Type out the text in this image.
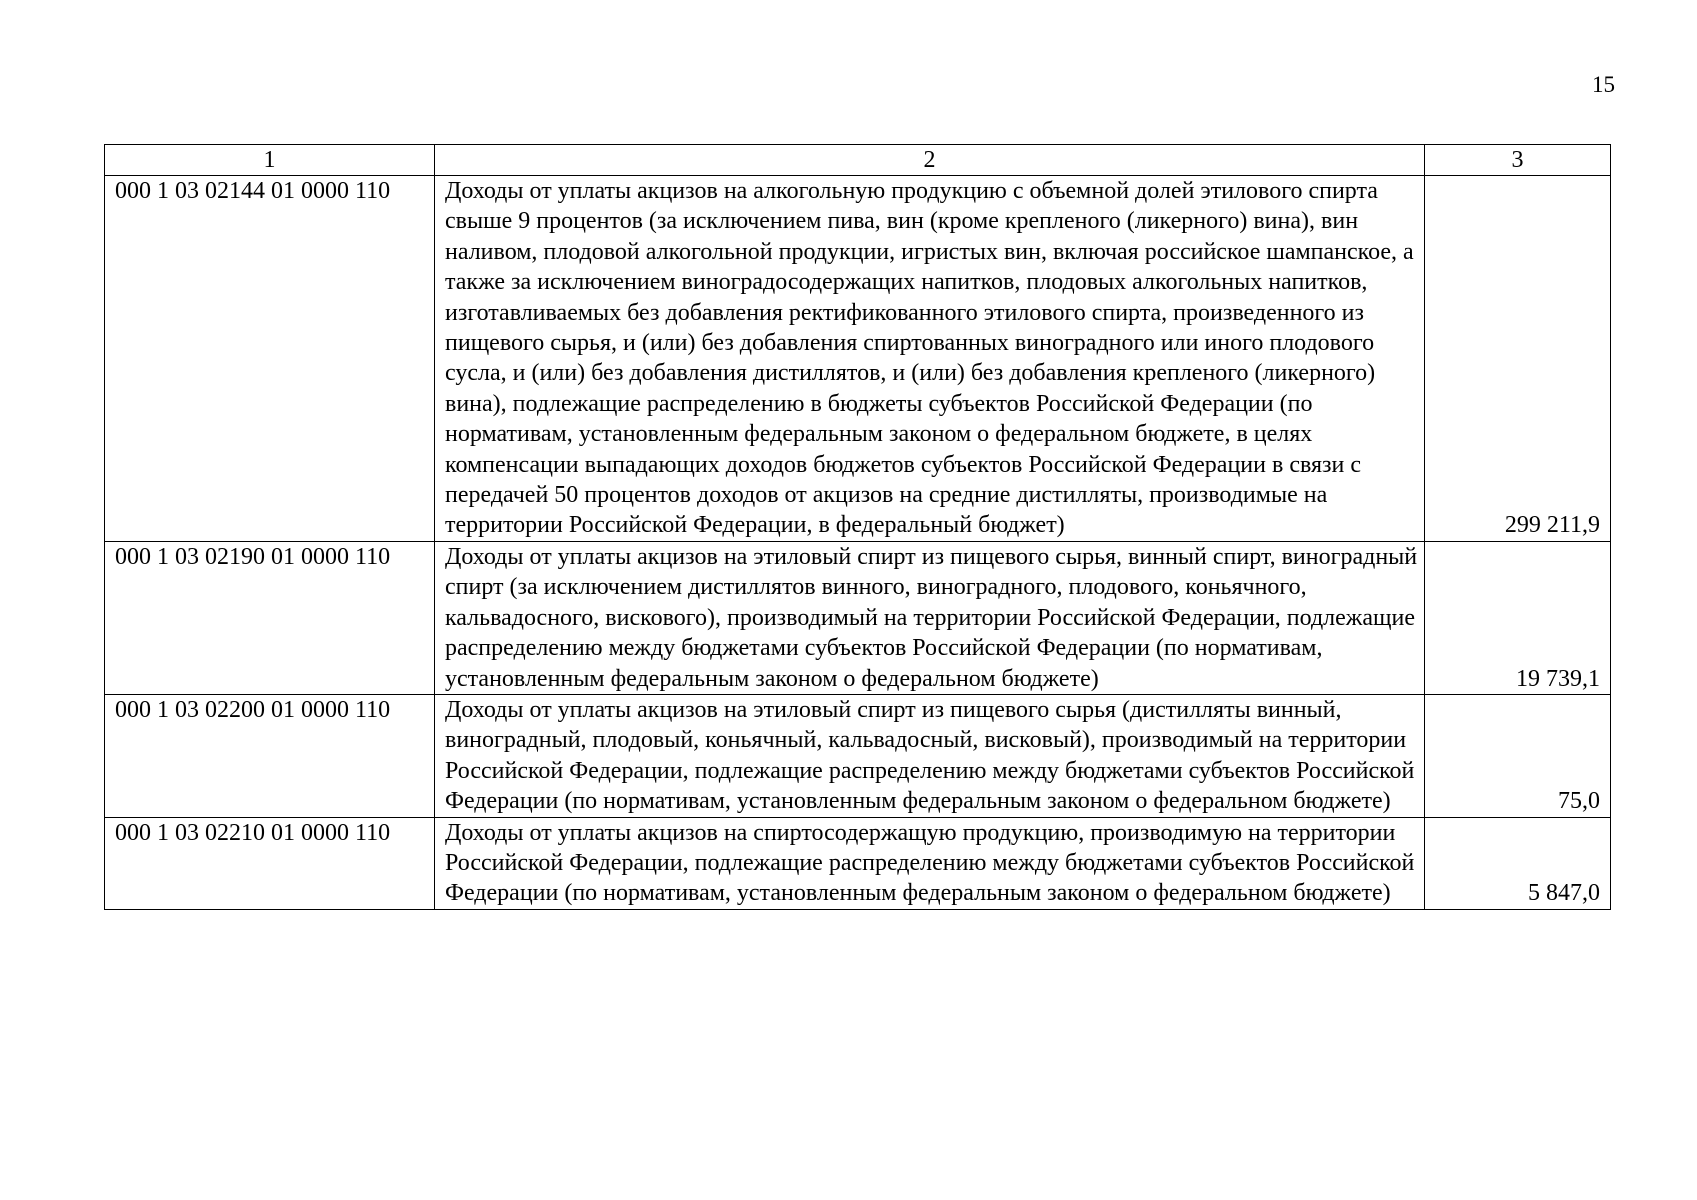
15
1	2	3
000 1 03 02144 01 0000 110	Доходы от уплаты акцизов на алкогольную продукцию с объемной долей этилового спирта свыше 9 процентов (за исключением пива, вин (кроме крепленого (ликерного) вина), вин наливом, плодовой алкогольной продукции, игристых вин, включая российское шампанское, а также за исключением виноградосодержащих напитков, плодовых алкогольных напитков, изготавливаемых без добавления ректификованного этилового спирта, произведенного из пищевого сырья, и (или) без добавления спиртованных виноградного или иного плодового сусла, и (или) без добавления дистиллятов, и (или) без добавления крепленого (ликерного) вина), подлежащие распределению в бюджеты субъектов Российской Федерации (по нормативам, установленным федеральным законом о федеральном бюджете, в целях компенсации выпадающих доходов бюджетов субъектов Российской Федерации в связи с передачей 50 процентов доходов от акцизов на средние дистилляты, производимые на территории Российской Федерации, в федеральный бюджет)	299 211,9
000 1 03 02190 01 0000 110	Доходы от уплаты акцизов на этиловый спирт из пищевого сырья, винный спирт, виноградный спирт (за исключением дистиллятов винного, виноградного, плодового, коньячного, кальвадосного, вискового), производимый на территории Российской Федерации, подлежащие распределению между бюджетами субъектов Российской Федерации (по нормативам, установленным федеральным законом о федеральном бюджете)	19 739,1
000 1 03 02200 01 0000 110	Доходы от уплаты акцизов на этиловый спирт из пищевого сырья (дистилляты винный, виноградный, плодовый, коньячный, кальвадосный, висковый), производимый на территории Российской Федерации, подлежащие распределению между бюджетами субъектов Российской Федерации (по нормативам, установленным федеральным законом о федеральном бюджете)	75,0
000 1 03 02210 01 0000 110	Доходы от уплаты акцизов на спиртосодержащую продукцию, производимую на территории Российской Федерации, подлежащие распределению между бюджетами субъектов Российской Федерации (по нормативам, установленным федеральным законом о федеральном бюджете)	5 847,0
